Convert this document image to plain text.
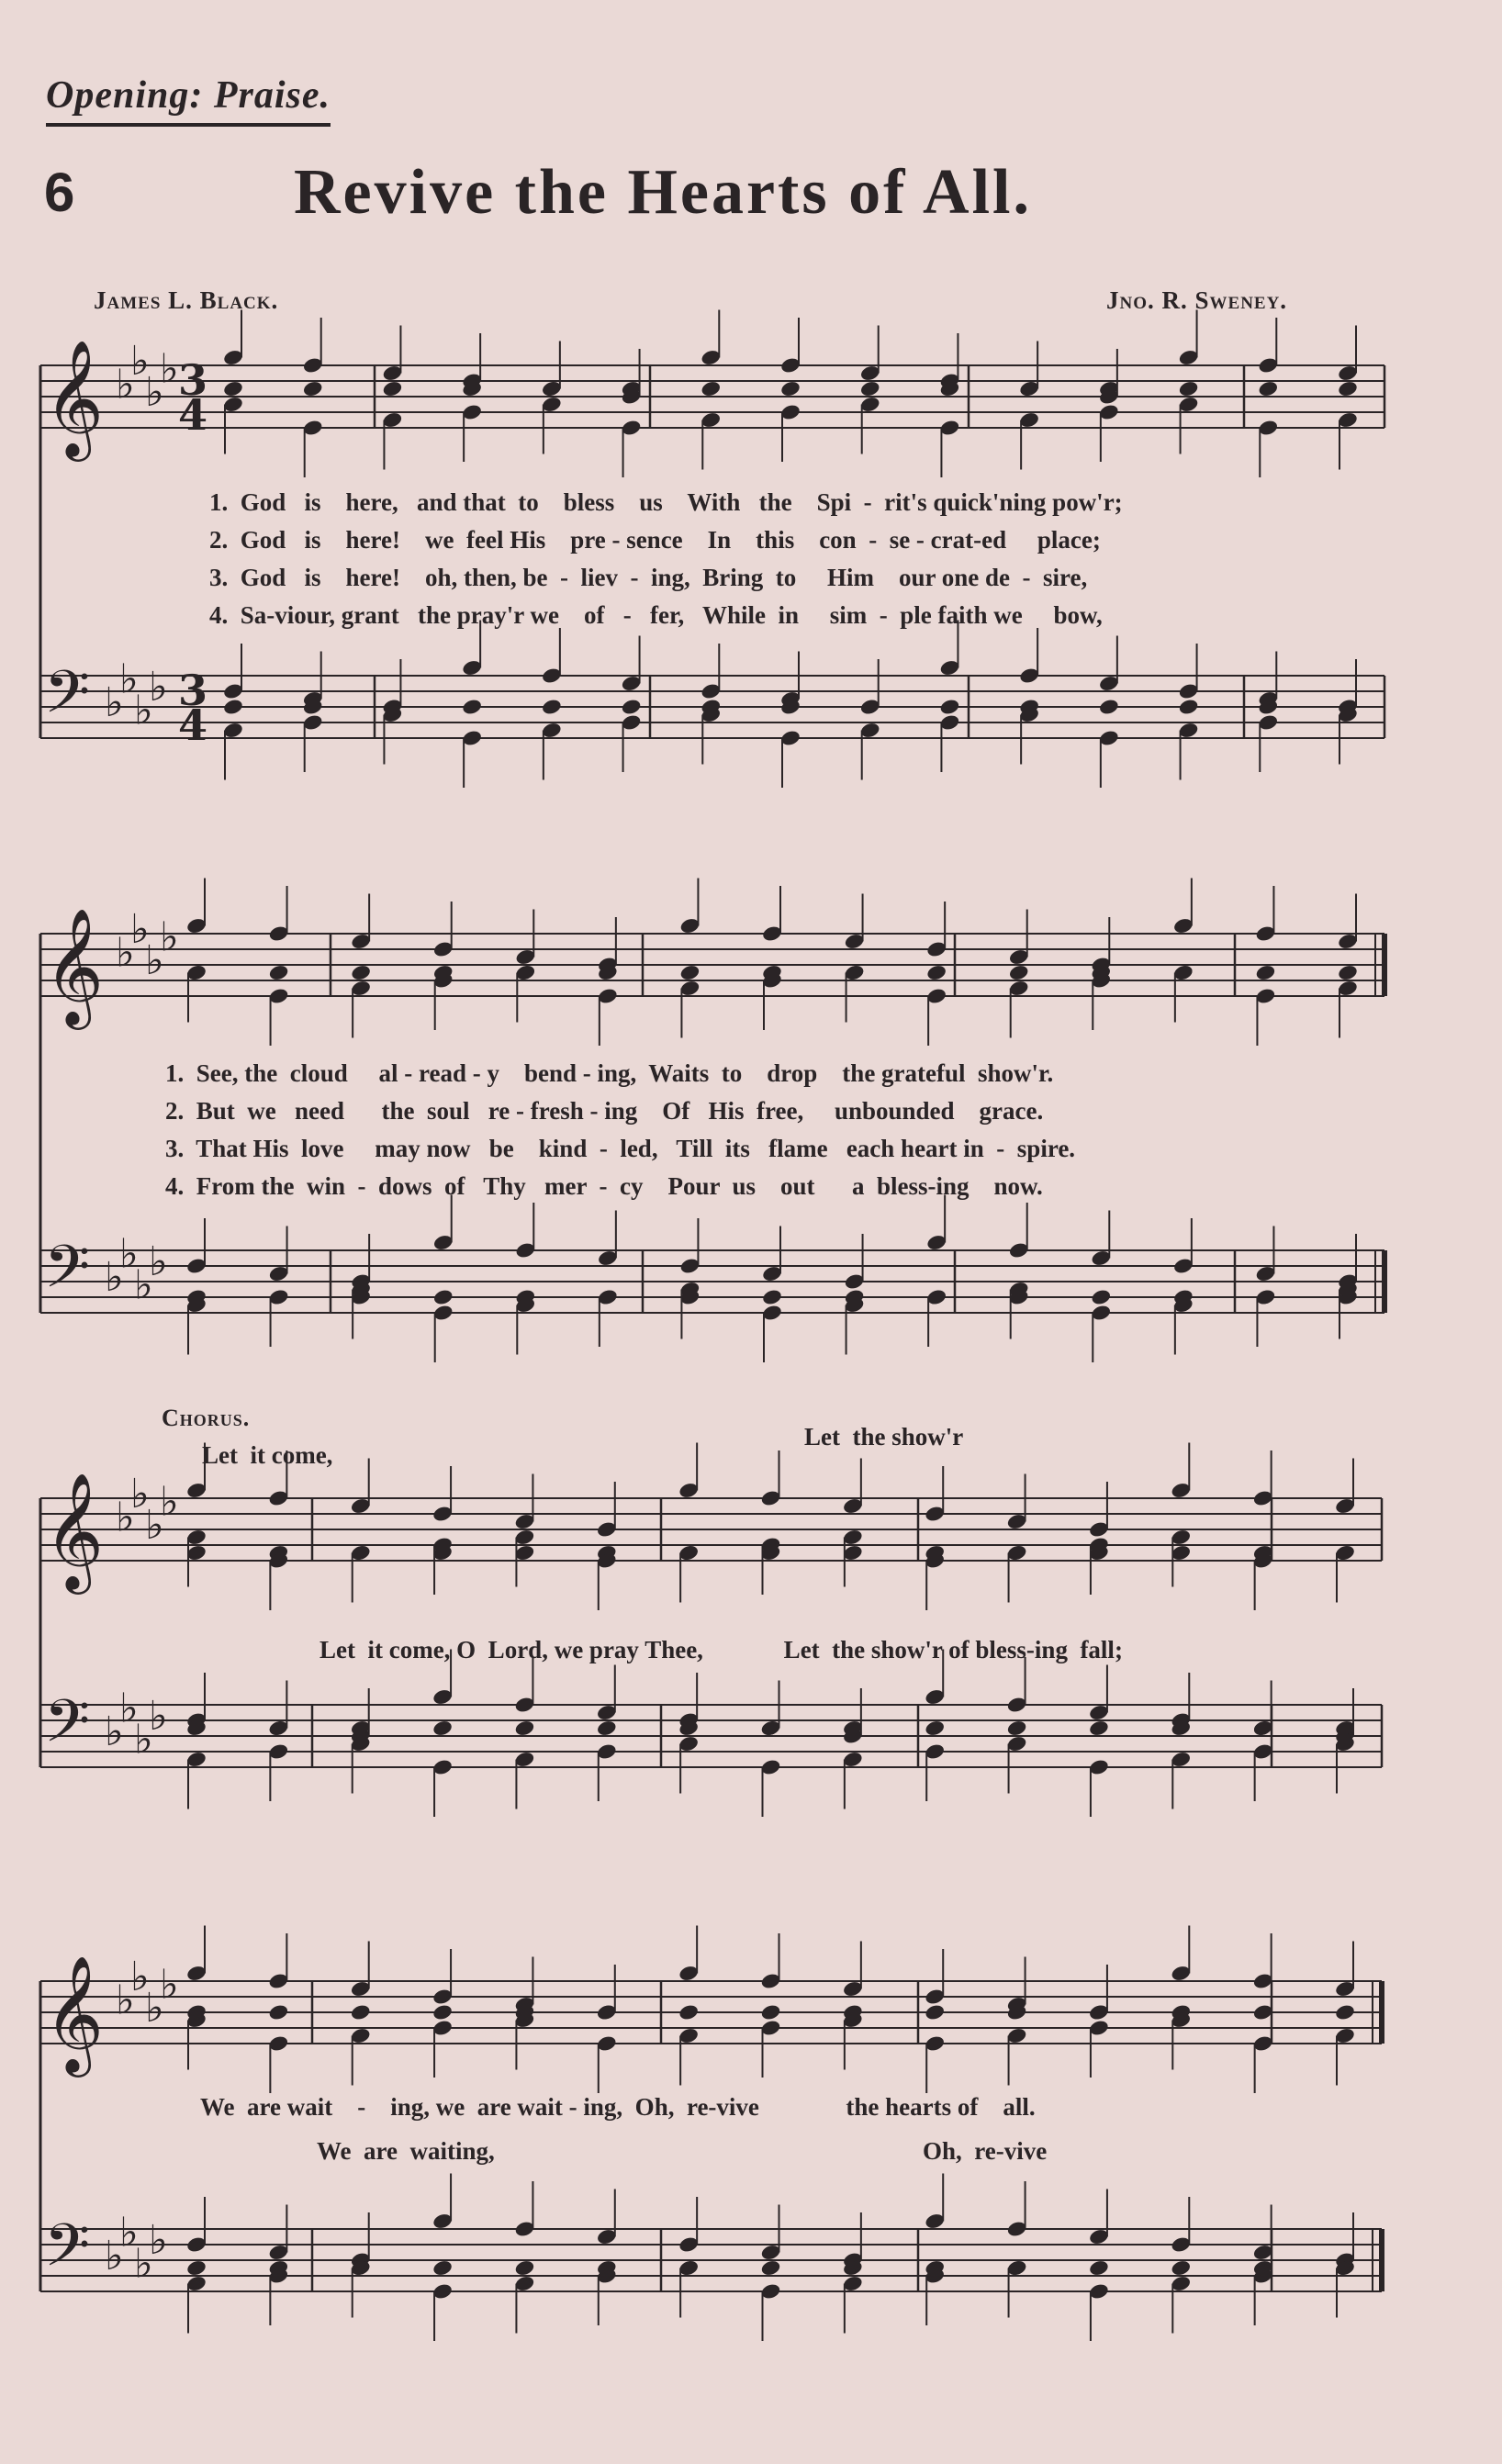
Opening: Praise.
6	Revive the Hearts of All.
James L. Black.	Jno. R. Sweney.
𝄞 ♭
♭
♭
♭ 3
4
𝄢 ♭
♭
♭
♭ 3
4
𝄞 ♭
♭
♭
♭
𝄢 ♭
♭
♭
♭
𝄞 ♭
♭
♭
♭
𝄢 ♭
♭
♭
♭
𝄞 ♭
♭
♭
♭
𝄢 ♭
♭
♭
♭
1.  God   is    here,   and that  to    bless    us    With   the    Spi  -  rit's quick'ning pow'r;
2.  God   is    here!    we  feel His    pre - sence    In    this    con  -  se - crat-ed     place;
3.  God   is    here!    oh, then, be  -  liev  -  ing,  Bring  to     Him    our one de  -  sire,
4.  Sa-viour, grant   the pray'r we    of   -   fer,   While  in     sim  -  ple faith we     bow,
1.  See, the  cloud     al - read - y    bend - ing,  Waits  to    drop    the grateful  show'r.
2.  But  we   need      the  soul   re - fresh - ing    Of   His  free,     unbounded    grace.
3.  That His  love     may now   be    kind  -  led,   Till  its   flame   each heart in  -  spire.
4.  From the  win  -  dows  of   Thy   mer  -  cy    Pour  us    out      a  bless-ing    now.
Chorus.
Let  it come,
Let  the show'r
Let  it come, O  Lord, we pray Thee,             Let  the show'r of bless-ing  fall;
We  are wait    -    ing, we  are wait - ing,  Oh,  re-vive              the hearts of    all.
We  are  waiting,	Oh,  re-vive
